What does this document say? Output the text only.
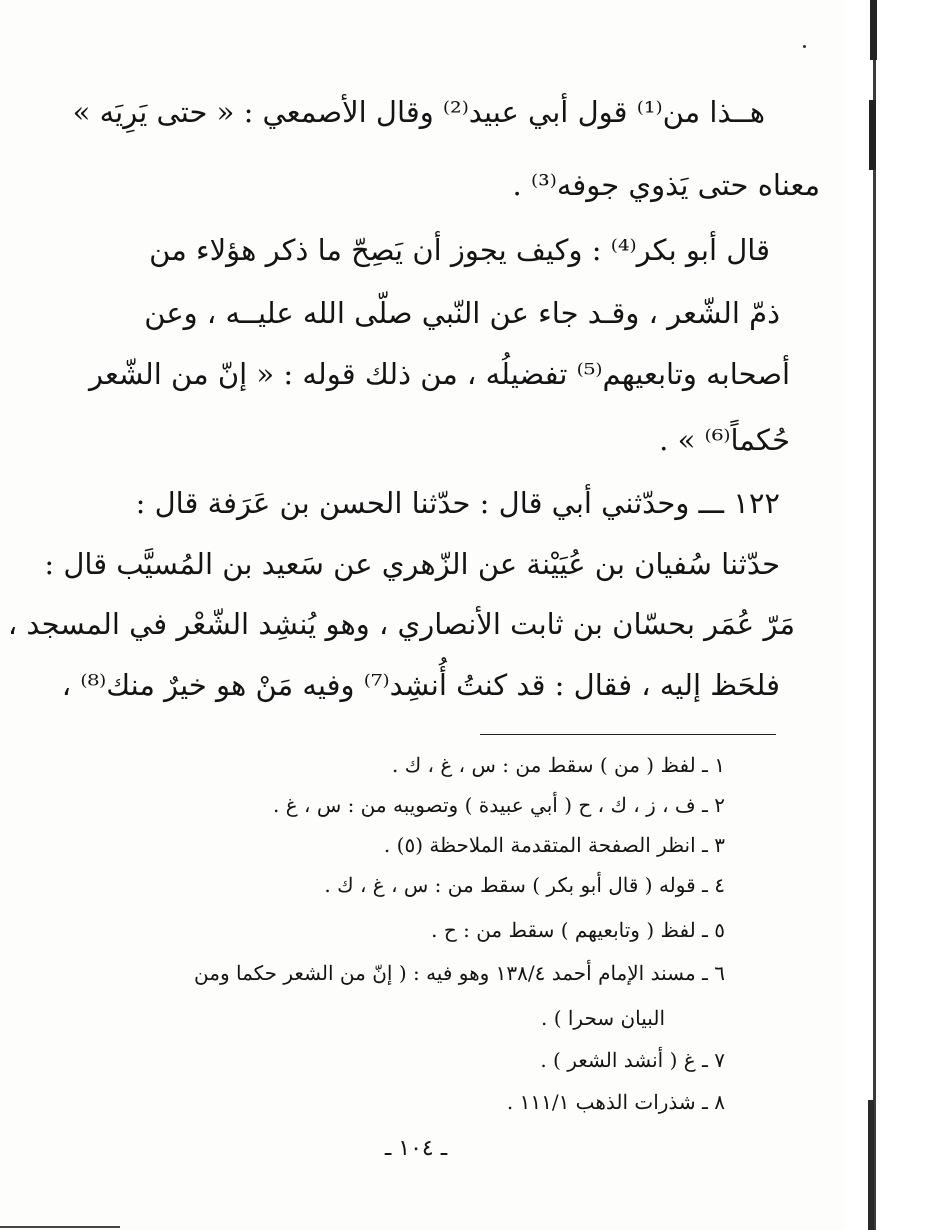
هــذا من⁽¹⁾ قول أبي عبيد⁽²⁾ وقال الأصمعي : « حتى يَرِيَه »
معناه حتى يَذوي جوفه⁽³⁾ .
قال أبو بكر⁽⁴⁾ : وكيف يجوز أن يَصِحّ ما ذكر هؤلاء من
ذمّ الشّعر ، وقـد جاء عن النّبي صلّى الله عليــه ، وعن
أصحابه وتابعيهم⁽⁵⁾ تفضيلُه ، من ذلك قوله : « إنّ من الشّعر
حُكماً⁽⁶⁾ » .
١٢٢ ـــ وحدّثني أبي قال : حدّثنا الحسن بن عَرَفة قال :
حدّثنا سُفيان بن عُيَيْنة عن الزّهري عن سَعيد بن المُسيَّب قال :
مَرّ عُمَر بحسّان بن ثابت الأنصاري ، وهو يُنشِد الشّعْر في المسجد ،
فلحَظ إليه ، فقال : قد كنتُ أُنشِد⁽⁷⁾ وفيه مَنْ هو خيرٌ منك⁽⁸⁾ ،
١ ـ لفظ ( من ) سقط من : س ، غ ، ك .
٢ ـ ف ، ز ، ك ، ح ( أبي عبيدة ) وتصويبه من : س ، غ .
٣ ـ انظر الصفحة المتقدمة الملاحظة (٥) .
٤ ـ قوله ( قال أبو بكر ) سقط من : س ، غ ، ك .
٥ ـ لفظ ( وتابعيهم ) سقط من : ح .
٦ ـ مسند الإمام أحمد ١٣٨/٤ وهو فيه : ( إنّ من الشعر حكما ومن
البيان سحرا ) .
٧ ـ غ ( أنشد الشعر ) .
٨ ـ شذرات الذهب ١١١/١ .
ـ ١٠٤ ـ
